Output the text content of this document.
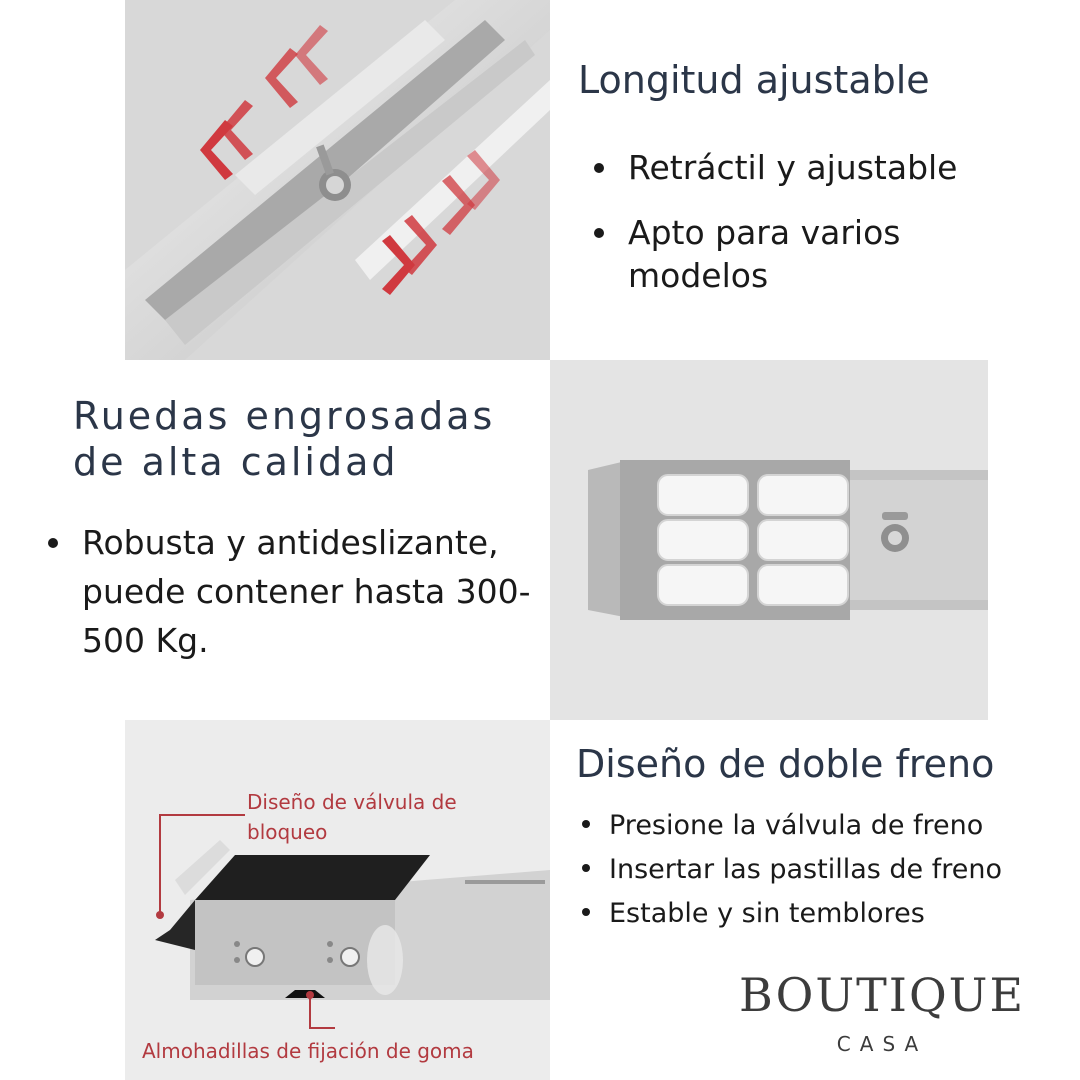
Longitud ajustable
Retráctil y ajustable
Apto para varios modelos
Ruedas engrosadas de alta calidad
Robusta y antideslizante, puede contener hasta 300-500 Kg.
Diseño de válvula de bloqueo
Almohadillas de fijación de goma
Diseño de doble freno
Presione la válvula de freno
Insertar las pastillas de freno
Estable y sin temblores
BOUTIQUE
CASA
